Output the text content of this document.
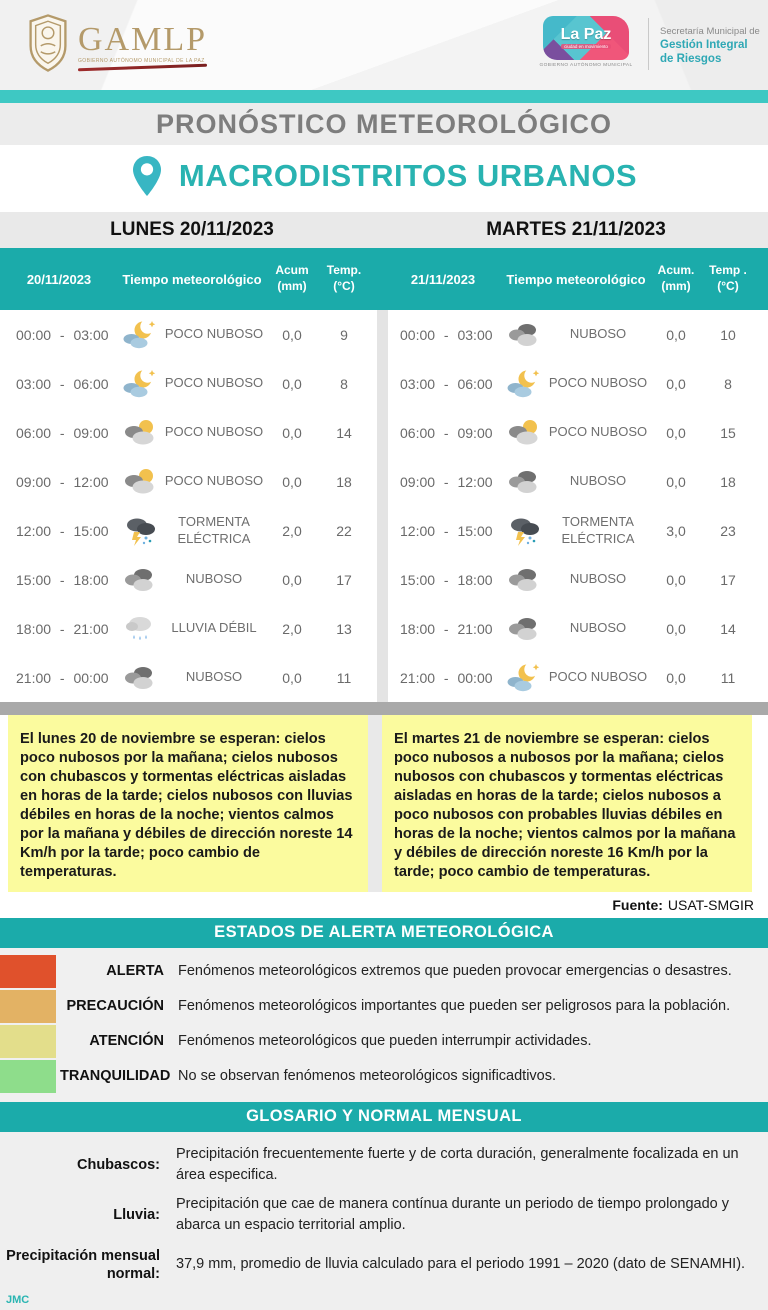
GAMLP
GOBIERNO AUTÓNOMO MUNICIPAL DE LA PAZ
La Paz
ciudad en movimiento
GOBIERNO AUTÓNOMO MUNICIPAL
Secretaría Municipal de
Gestión Integral
de Riesgos
PRONÓSTICO METEOROLÓGICO
MACRODISTRITOS URBANOS
LUNES 20/11/2023	MARTES 21/11/2023
20/11/2023	Tiempo meteorológico
Acum
(mm)
Temp.
(°C)	21/11/2023	Tiempo meteorológico
Acum.
(mm)
Temp .
(°C)
00:00 - 03:00	POCO NUBOSO	0,0	9
03:00 - 06:00	POCO NUBOSO	0,0	8
06:00 - 09:00	POCO NUBOSO	0,0	14
09:00 - 12:00	POCO NUBOSO	0,0	18
12:00 - 15:00
TORMENTA ELÉCTRICA	2,0	22
15:00 - 18:00	NUBOSO	0,0	17
18:00 - 21:00	LLUVIA DÉBIL	2,0	13
21:00 - 00:00	NUBOSO	0,0	11
00:00 - 03:00	NUBOSO	0,0	10
03:00 - 06:00	POCO NUBOSO	0,0	8
06:00 - 09:00	POCO NUBOSO	0,0	15
09:00 - 12:00	NUBOSO	0,0	18
12:00 - 15:00
TORMENTA ELÉCTRICA	3,0	23
15:00 - 18:00	NUBOSO	0,0	17
18:00 - 21:00	NUBOSO	0,0	14
21:00 - 00:00	POCO NUBOSO	0,0	11
El lunes 20 de noviembre se esperan: cielos poco nubosos por la mañana; cielos nubosos con chubascos y tormentas eléctricas aisladas en horas de la tarde; cielos nubosos con lluvias débiles en horas de la noche; vientos calmos por la mañana y débiles de dirección noreste 14 Km/h por la tarde; poco cambio de temperaturas.
El martes 21 de noviembre se esperan: cielos poco nubosos a nubosos por la mañana; cielos nubosos con chubascos y tormentas eléctricas aisladas en horas de la tarde; cielos nubosos a poco nubosos con probables lluvias débiles en horas de la noche; vientos calmos por la mañana y débiles de dirección noreste 16 Km/h por la tarde; poco cambio de temperaturas.
Fuente: USAT-SMGIR
ESTADOS DE ALERTA METEOROLÓGICA
ALERTA Fenómenos meteorológicos extremos que pueden provocar emergencias o desastres.
PRECAUCIÓN Fenómenos meteorológicos importantes que pueden ser peligrosos para la población.
ATENCIÓN Fenómenos meteorológicos que pueden interrumpir actividades.
TRANQUILIDAD No se observan fenómenos meteorológicos significadtivos.
GLOSARIO Y NORMAL MENSUAL
Chubascos:
Precipitación frecuentemente fuerte y de corta duración, generalmente focalizada en un área especifica.
Lluvia:
Precipitación que cae de manera contínua durante un periodo de tiempo prolongado y abarca un espacio territorial amplio.
Precipitación mensual normal:
37,9 mm, promedio de lluvia calculado para el periodo 1991 – 2020 (dato de SENAMHI).
JMC
